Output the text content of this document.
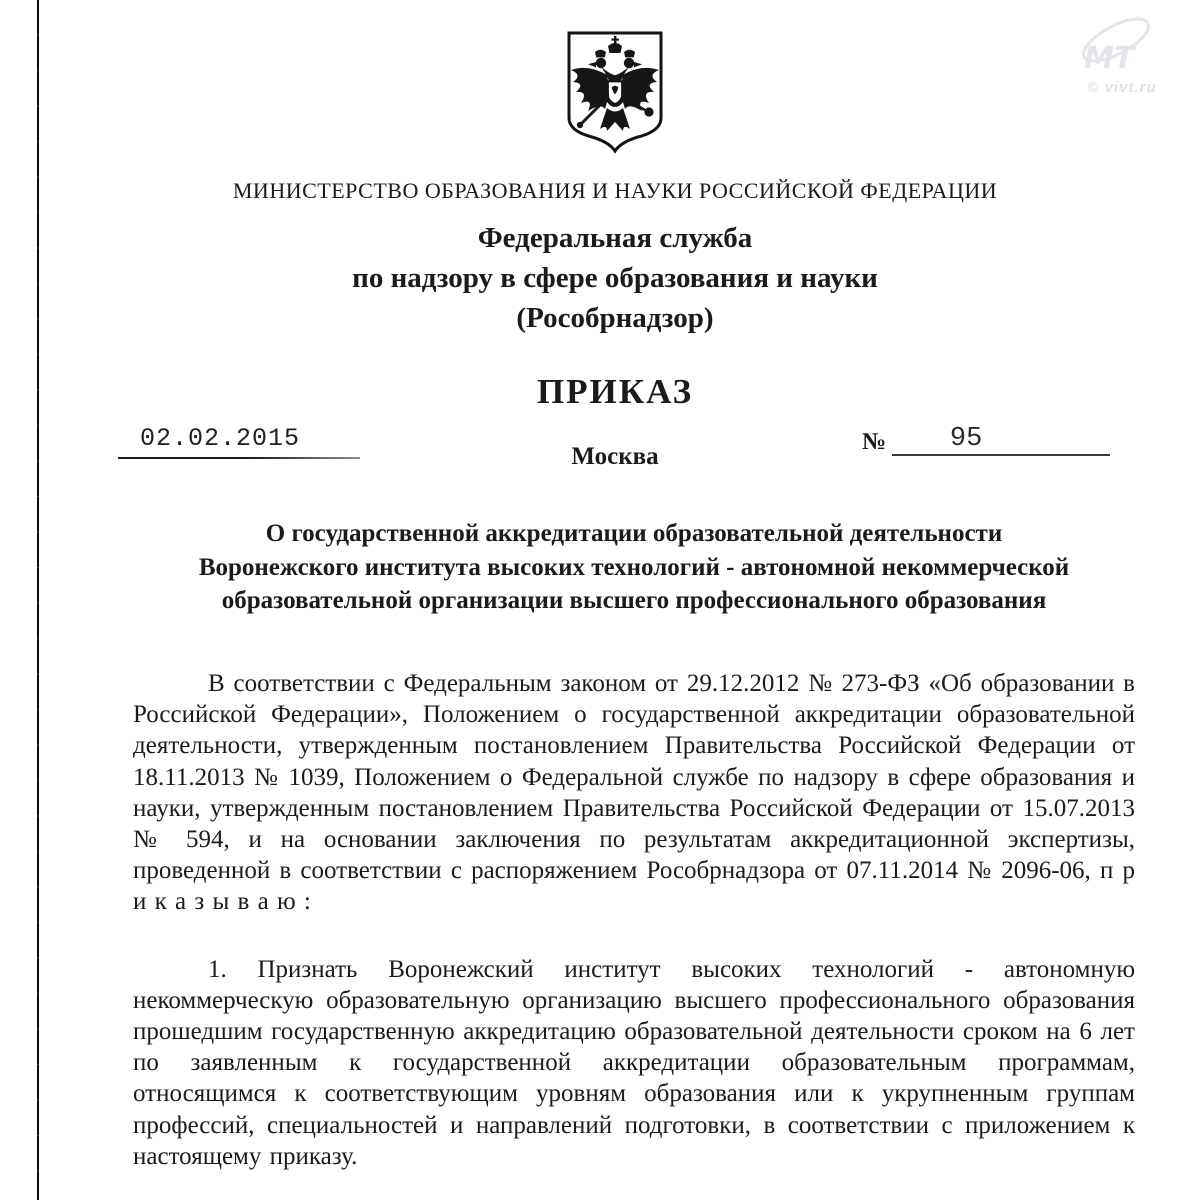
МТ
© vivt.ru
МИНИСТЕРСТВО ОБРАЗОВАНИЯ И НАУКИ РОССИЙСКОЙ ФЕДЕРАЦИИ
Федеральная служба
по надзору в сфере образования и науки
(Рособрнадзор)
ПРИКАЗ
02.02.2015	№ 95
Москва
О государственной аккредитации образовательной деятельности
Воронежского института высоких технологий - автономной некоммерческой
образовательной организации высшего профессионального образования

В соответствии с Федеральным законом от 29.12.2012 № 273-ФЗ «Об образовании в Российской Федерации», Положением о государственной аккредитации образовательной деятельности, утвержденным постановлением Правительства Российской Федерации от 18.11.2013 № 1039, Положением о Федеральной службе по надзору в сфере образования и науки, утвержденным постановлением Правительства Российской Федерации от 15.07.2013 № 594, и на основании заключения по результатам аккредитационной экспертизы, проведенной в соответствии с распоряжением Рособрнадзора от 07.11.2014 № 2096-06, п р и к а з ы в а ю :

1. Признать Воронежский институт высоких технологий - автономную некоммерческую образовательную организацию высшего профессионального образования прошедшим государственную аккредитацию образовательной деятельности сроком на 6 лет по заявленным к государственной аккредитации образовательным программам, относящимся к соответствующим уровням образования или к укрупненным группам профессий, специальностей и направлений подготовки, в соответствии с приложением к настоящему приказу.
